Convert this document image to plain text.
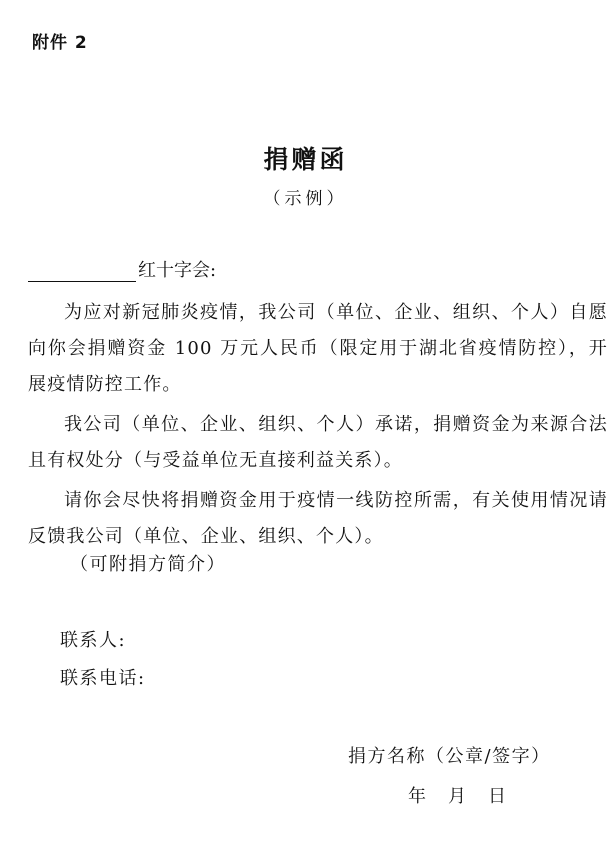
附件 2
捐赠函
（示例）
红十字会:

为应对新冠肺炎疫情，我公司（单位、企业、组织、个人）自愿向你会捐赠资金 100 万元人民币（限定用于湖北省疫情防控），开展疫情防控工作。

我公司（单位、企业、组织、个人）承诺，捐赠资金为来源合法且有权处分（与受益单位无直接利益关系）。

请你会尽快将捐赠资金用于疫情一线防控所需，有关使用情况请反馈我公司（单位、企业、组织、个人）。

（可附捐方简介）
联系人:
联系电话:
捐方名称（公章/签字）
年 月 日
